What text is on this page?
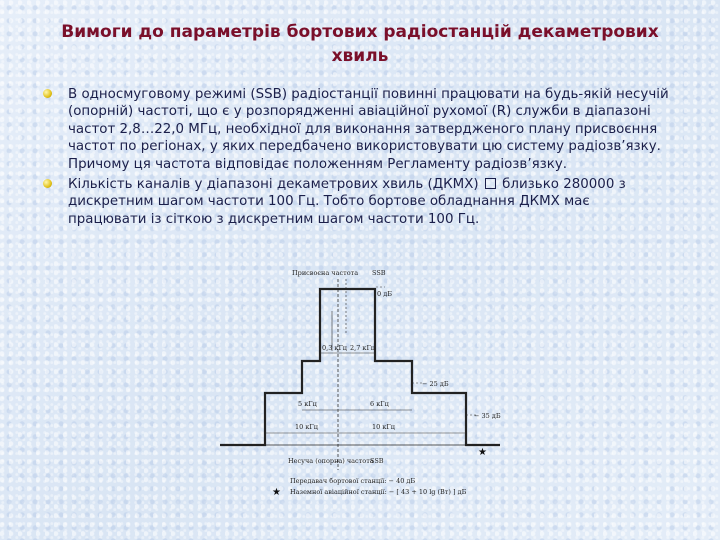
Вимоги до параметрів бортових радіостанцій декаметрових хвиль
В односмуговому режимі (SSB) радіостанції повинні працювати на будь-якій несучій (опорній) частоті, що є у розпорядженні авіаційної рухомої (R) служби в діапазоні частот 2,8…22,0 МГц, необхідної для виконання затвердженого плану присвоєння частот по регіонах, у яких передбачено використовувати цю систему радіозв’язку. Причому ця частота відповідає положенням Регламенту радіозв’язку.
Кількість каналів у діапазоні декаметрових хвиль (ДКМХ) близько 280000 з дискретним шагом частоти 100 Гц. Тобто бортове обладнання ДКМХ має працювати із сіткою з дискретним шагом частоти 100 Гц.
Присвоєна частота SSB
0 дБ
0,3 кГц 2,7 кГц
− 25 дБ
− 35 дБ
5 кГц	6 кГц
10 кГц	10 кГц
★
★
Несуча (опорна) частота
SSB
Передавач бортової станції: − 40 дБ
Наземної авіаційної станції: − [ 43 + 10 lg (Вт) ] дБ
